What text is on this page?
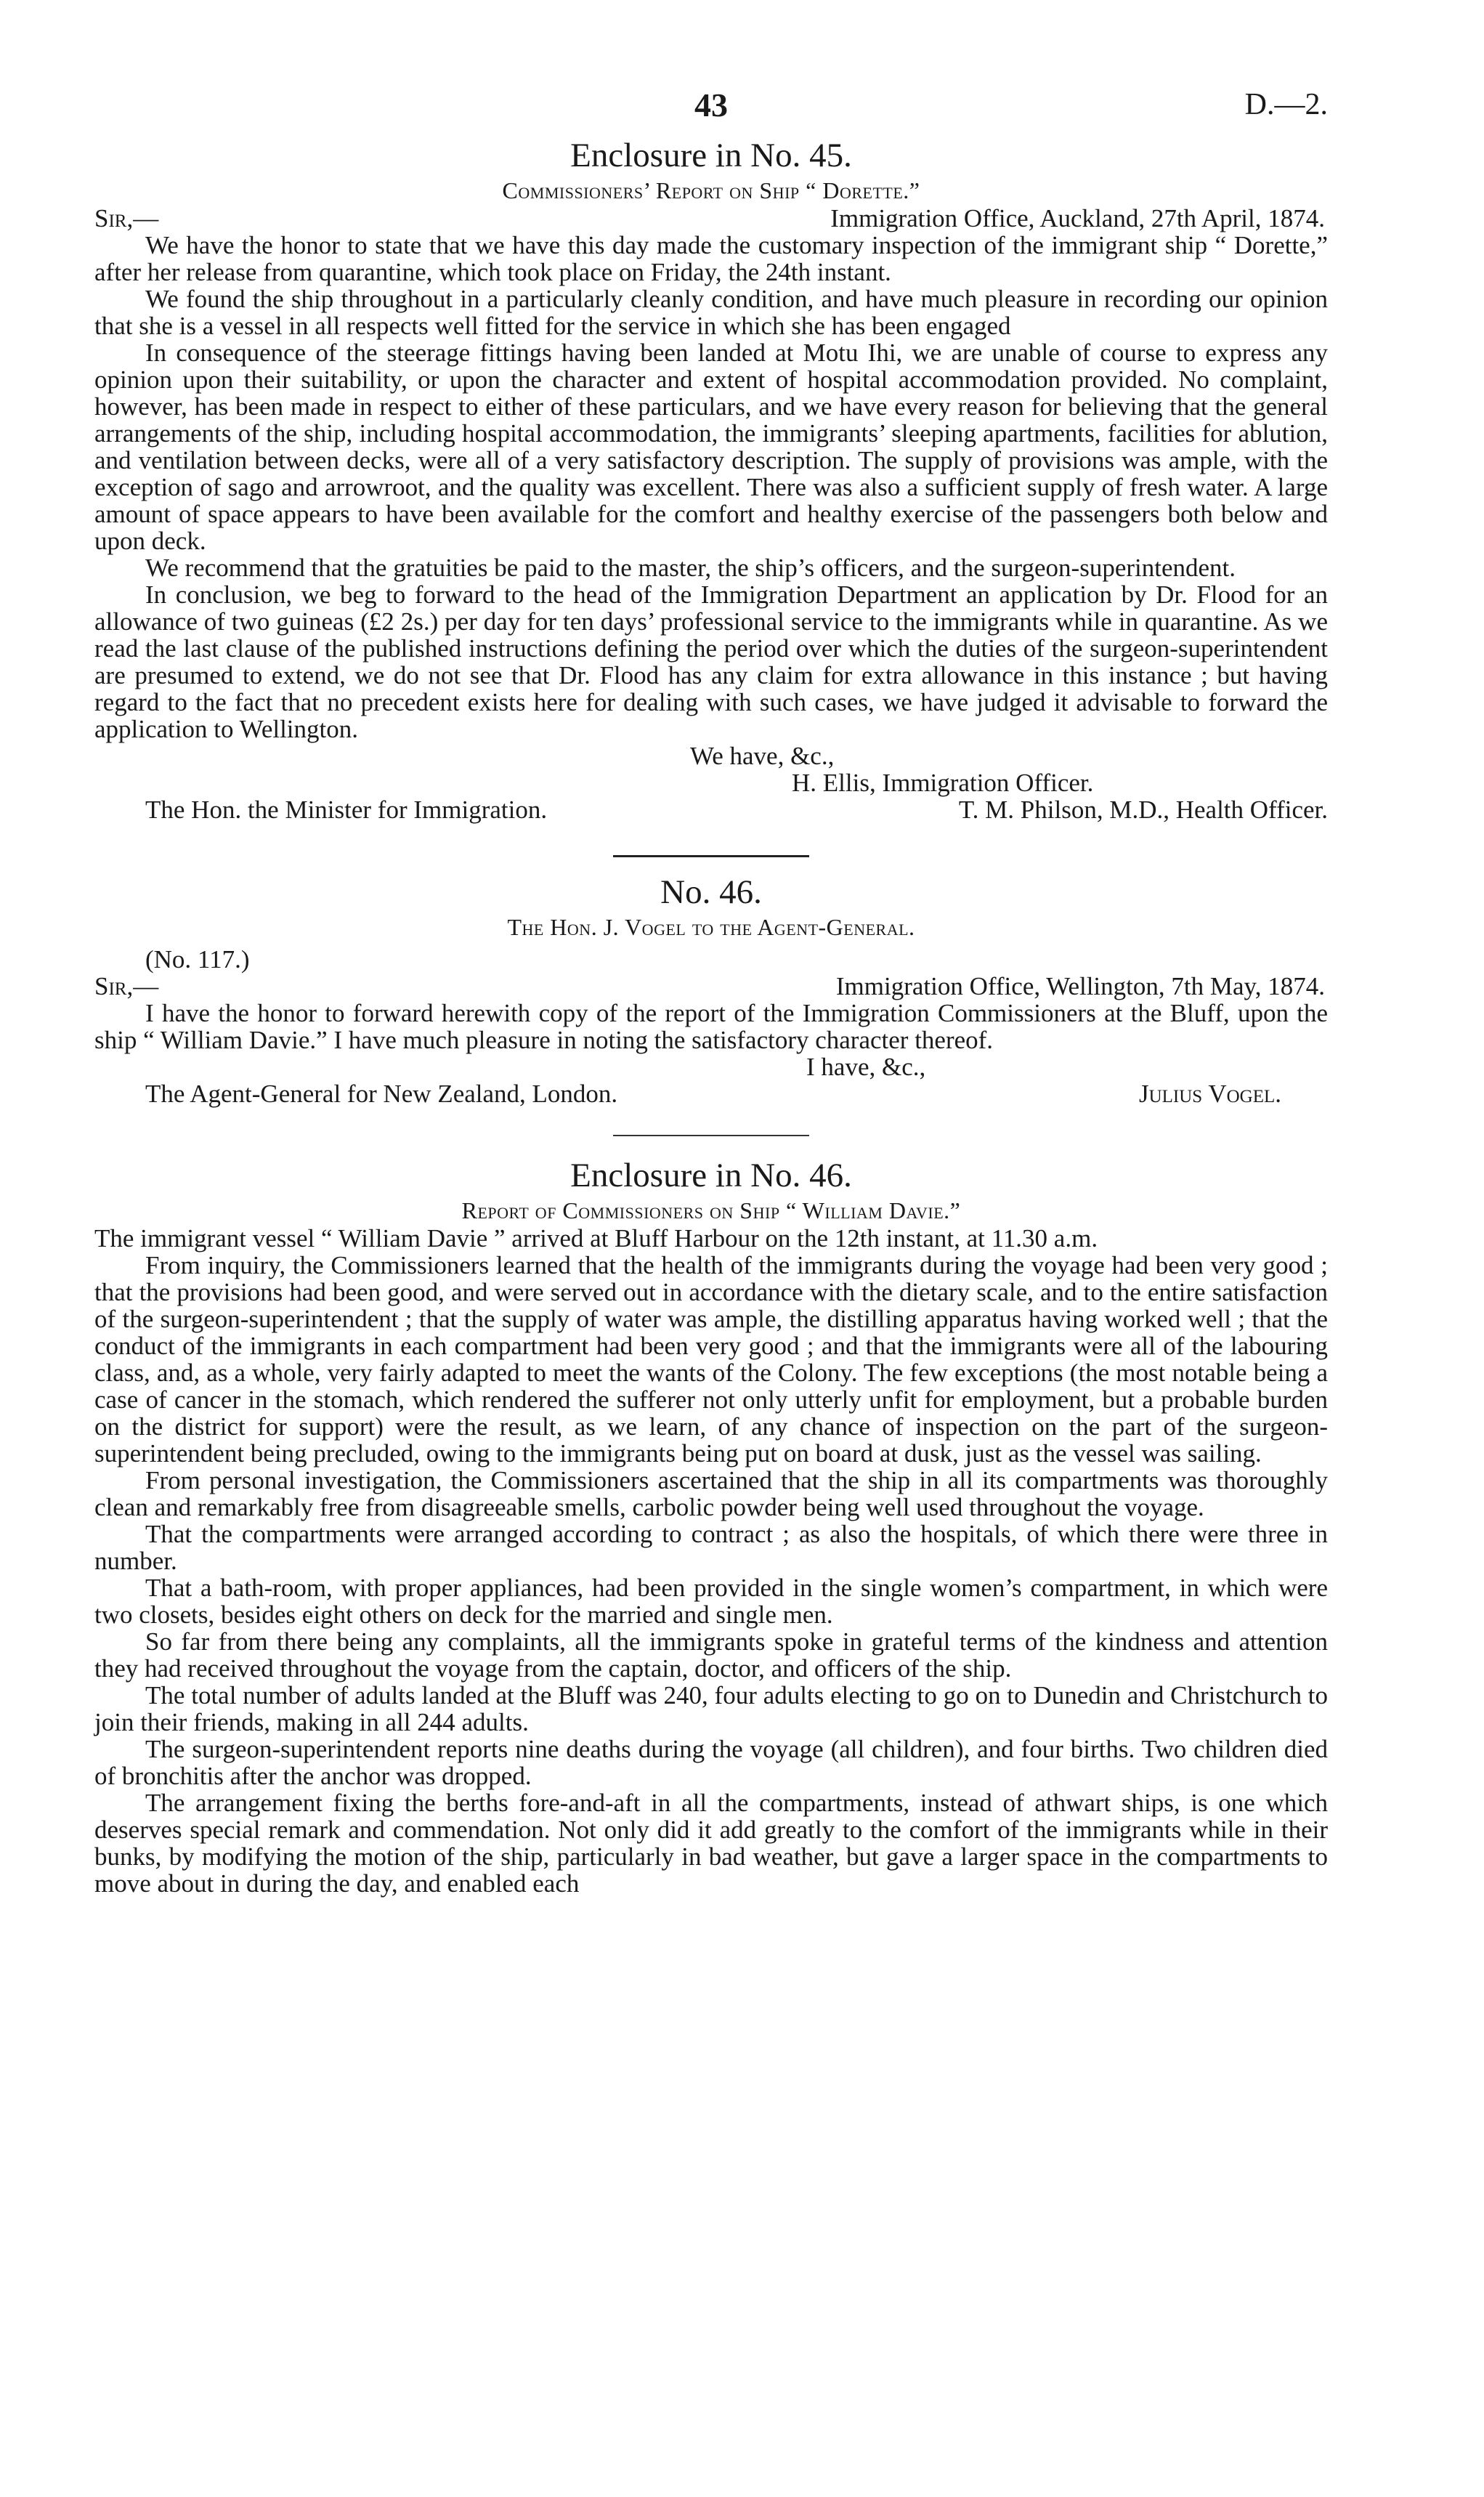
43	D.—2.
Enclosure in No. 45.
Commissioners’ Report on Ship “ Dorette.”
Sir,—	Immigration Office, Auckland, 27th April, 1874.

We have the honor to state that we have this day made the customary inspection of the immigrant ship “ Dorette,” after her release from quarantine, which took place on Friday, the 24th instant.

We found the ship throughout in a particularly cleanly condition, and have much pleasure in recording our opinion that she is a vessel in all respects well fitted for the service in which she has been engaged

In consequence of the steerage fittings having been landed at Motu Ihi, we are unable of course to express any opinion upon their suitability, or upon the character and extent of hospital accommodation provided. No complaint, however, has been made in respect to either of these particulars, and we have every reason for believing that the general arrangements of the ship, including hospital accommodation, the immigrants’ sleeping apartments, facilities for ablution, and ventilation between decks, were all of a very satisfactory description. The supply of provisions was ample, with the exception of sago and arrowroot, and the quality was excellent. There was also a sufficient supply of fresh water. A large amount of space appears to have been available for the comfort and healthy exercise of the passengers both below and upon deck.

We recommend that the gratuities be paid to the master, the ship’s officers, and the surgeon-superintendent.

In conclusion, we beg to forward to the head of the Immigration Department an application by Dr. Flood for an allowance of two guineas (£2 2s.) per day for ten days’ professional service to the immigrants while in quarantine. As we read the last clause of the published instructions defining the period over which the duties of the surgeon-superintendent are presumed to extend, we do not see that Dr. Flood has any claim for extra allowance in this instance ; but having regard to the fact that no precedent exists here for dealing with such cases, we have judged it advisable to forward the application to Wellington.

We have, &c.,
H. Ellis, Immigration Officer.
The Hon. the Minister for Immigration.	T. M. Philson, M.D., Health Officer.
No. 46.
The Hon. J. Vogel to the Agent-General.
(No. 117.)
Sir,—	Immigration Office, Wellington, 7th May, 1874.

I have the honor to forward herewith copy of the report of the Immigration Commissioners at the Bluff, upon the ship “ William Davie.” I have much pleasure in noting the satisfactory character thereof.

I have, &c.,
The Agent-General for New Zealand, London.	Julius Vogel.
Enclosure in No. 46.
Report of Commissioners on Ship “ William Davie.”

The immigrant vessel “ William Davie ” arrived at Bluff Harbour on the 12th instant, at 11.30 a.m.

From inquiry, the Commissioners learned that the health of the immigrants during the voyage had been very good ; that the provisions had been good, and were served out in accordance with the dietary scale, and to the entire satisfaction of the surgeon-superintendent ; that the supply of water was ample, the distilling apparatus having worked well ; that the conduct of the immigrants in each compartment had been very good ; and that the immigrants were all of the labouring class, and, as a whole, very fairly adapted to meet the wants of the Colony. The few exceptions (the most notable being a case of cancer in the stomach, which rendered the sufferer not only utterly unfit for employment, but a probable burden on the district for support) were the result, as we learn, of any chance of inspection on the part of the surgeon-superintendent being precluded, owing to the immigrants being put on board at dusk, just as the vessel was sailing.

From personal investigation, the Commissioners ascertained that the ship in all its compartments was thoroughly clean and remarkably free from disagreeable smells, carbolic powder being well used throughout the voyage.

That the compartments were arranged according to contract ; as also the hospitals, of which there were three in number.

That a bath-room, with proper appliances, had been provided in the single women’s compartment, in which were two closets, besides eight others on deck for the married and single men.

So far from there being any complaints, all the immigrants spoke in grateful terms of the kindness and attention they had received throughout the voyage from the captain, doctor, and officers of the ship.

The total number of adults landed at the Bluff was 240, four adults electing to go on to Dunedin and Christchurch to join their friends, making in all 244 adults.

The surgeon-superintendent reports nine deaths during the voyage (all children), and four births. Two children died of bronchitis after the anchor was dropped.

The arrangement fixing the berths fore-and-aft in all the compartments, instead of athwart ships, is one which deserves special remark and commendation. Not only did it add greatly to the comfort of the immigrants while in their bunks, by modifying the motion of the ship, particularly in bad weather, but gave a larger space in the compartments to move about in during the day, and enabled each
